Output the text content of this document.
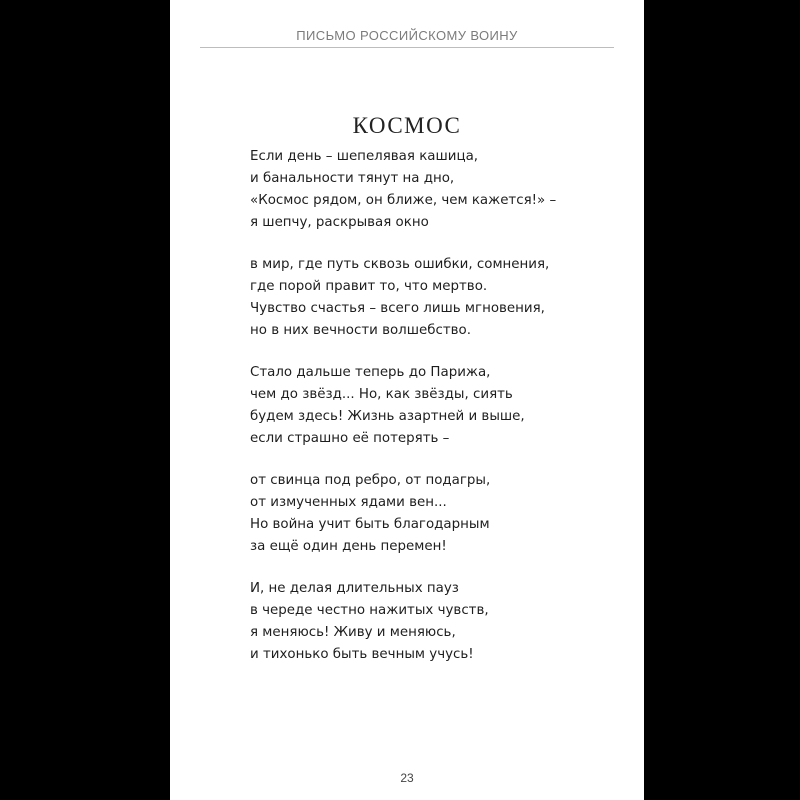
ПИСЬМО РОССИЙСКОМУ ВОИНУ
КОСМОС
Если день – шепелявая кашица,
и банальности тянут на дно,
«Космос рядом, он ближе, чем кажется!» –
я шепчу, раскрывая окно
в мир, где путь сквозь ошибки, сомнения,
где порой правит то, что мертво.
Чувство счастья – всего лишь мгновения,
но в них вечности волшебство.
Стало дальше теперь до Парижа,
чем до звёзд... Но, как звёзды, сиять
будем здесь! Жизнь азартней и выше,
если страшно её потерять –
от свинца под ребро, от подагры,
от измученных ядами вен...
Но война учит быть благодарным
за ещё один день перемен!
И, не делая длительных пауз
в череде честно нажитых чувств,
я меняюсь! Живу и меняюсь,
и тихонько быть вечным учусь!
23
